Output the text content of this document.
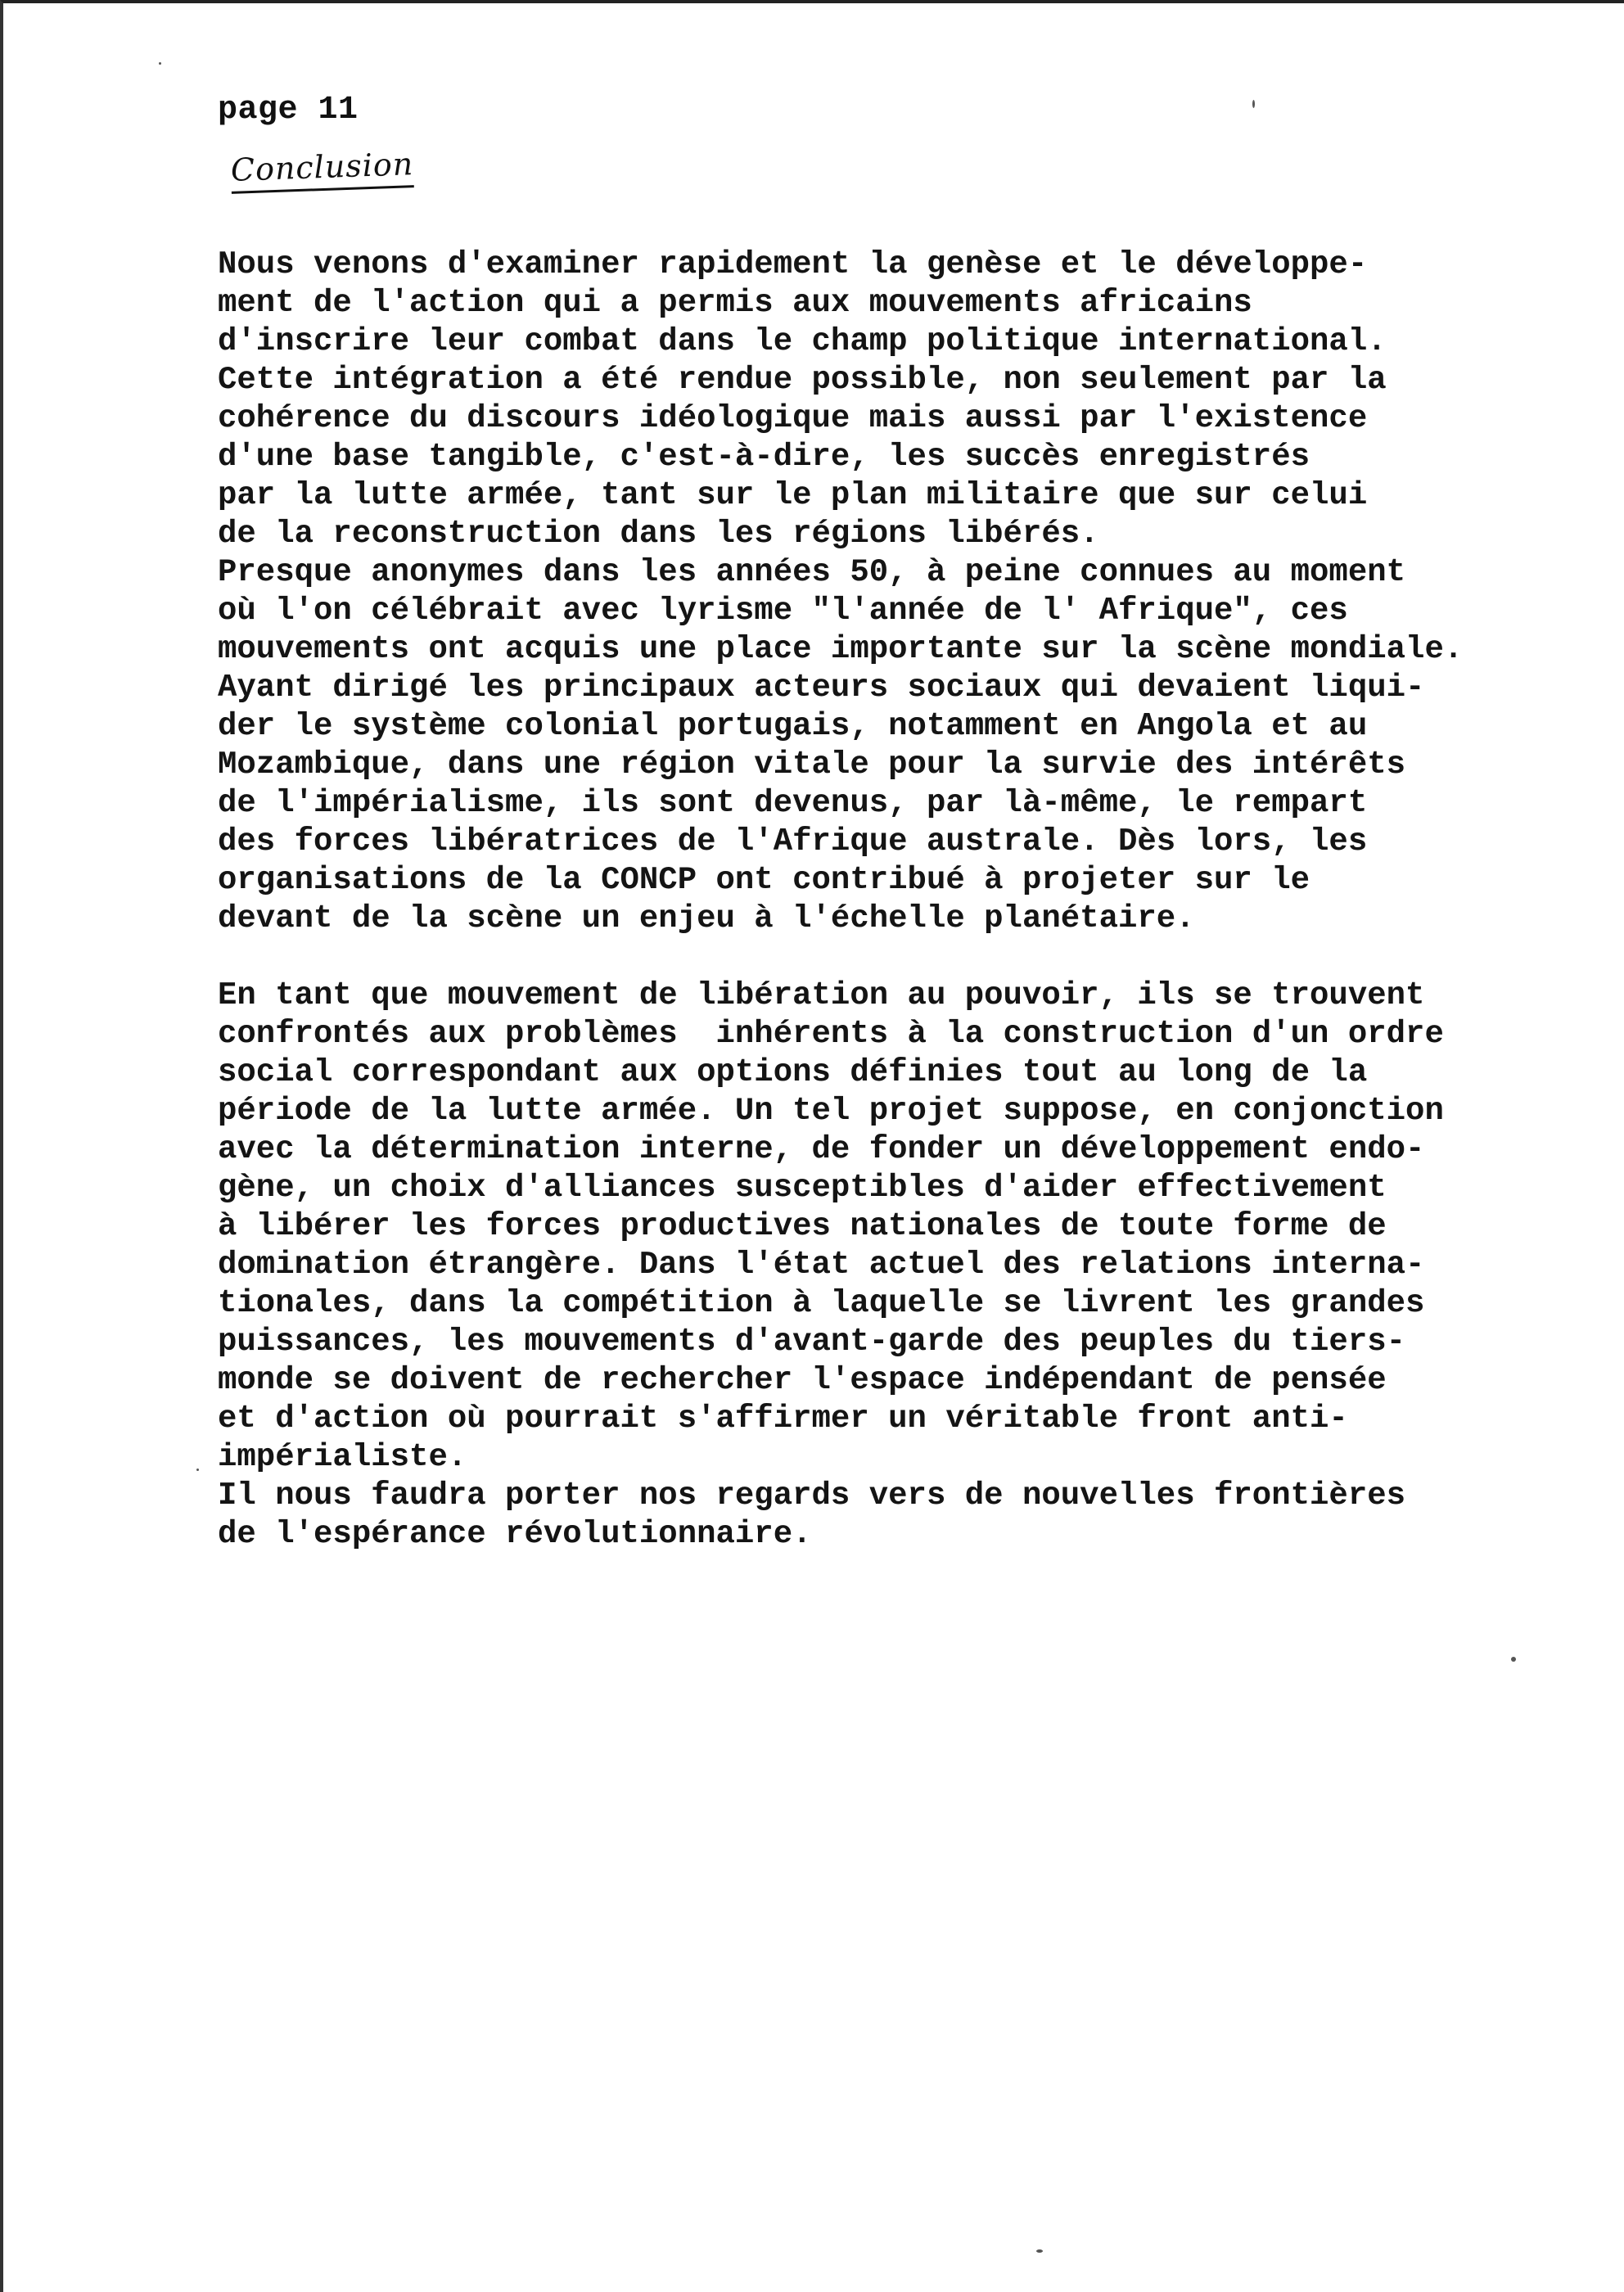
page 11
Conclusion
Nous venons d'examiner rapidement la genèse et le développe-
ment de l'action qui a permis aux mouvements africains
d'inscrire leur combat dans le champ politique international.
Cette intégration a été rendue possible, non seulement par la
cohérence du discours idéologique mais aussi par l'existence
d'une base tangible, c'est-à-dire, les succès enregistrés
par la lutte armée, tant sur le plan militaire que sur celui
de la reconstruction dans les régions libérés.
Presque anonymes dans les années 50, à peine connues au moment
où l'on célébrait avec lyrisme "l'année de l' Afrique", ces
mouvements ont acquis une place importante sur la scène mondiale.
Ayant dirigé les principaux acteurs sociaux qui devaient liqui-
der le système colonial portugais, notamment en Angola et au
Mozambique, dans une région vitale pour la survie des intérêts
de l'impérialisme, ils sont devenus, par là-même, le rempart
des forces libératrices de l'Afrique australe. Dès lors, les
organisations de la CONCP ont contribué à projeter sur le
devant de la scène un enjeu à l'échelle planétaire.
En tant que mouvement de libération au pouvoir, ils se trouvent
confrontés aux problèmes  inhérents à la construction d'un ordre
social correspondant aux options définies tout au long de la
période de la lutte armée. Un tel projet suppose, en conjonction
avec la détermination interne, de fonder un développement endo-
gène, un choix d'alliances susceptibles d'aider effectivement
à libérer les forces productives nationales de toute forme de
domination étrangère. Dans l'état actuel des relations interna-
tionales, dans la compétition à laquelle se livrent les grandes
puissances, les mouvements d'avant-garde des peuples du tiers-
monde se doivent de rechercher l'espace indépendant de pensée
et d'action où pourrait s'affirmer un véritable front anti-
impérialiste.
Il nous faudra porter nos regards vers de nouvelles frontières
de l'espérance révolutionnaire.
